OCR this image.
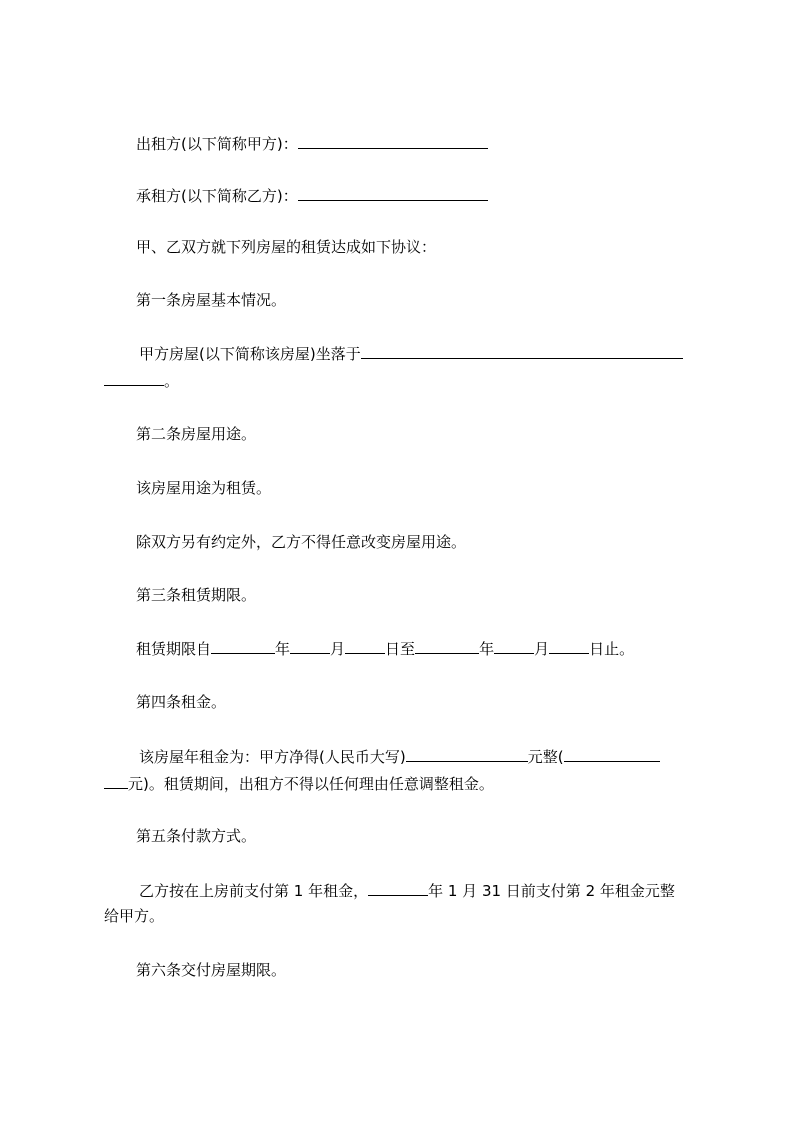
出租方(以下简称甲方)：

承租方(以下简称乙方)：

甲、乙双方就下列房屋的租赁达成如下协议：

第一条房屋基本情况。

甲方房屋(以下简称该房屋)坐落于

。

第二条房屋用途。

该房屋用途为租赁。

除双方另有约定外，乙方不得任意改变房屋用途。

第三条租赁期限。

租赁期限自	年	月	日至	年	月	日止。

第四条租金。

该房屋年租金为：甲方净得(人民币大写)	元整(

元)。租赁期间，出租方不得以任何理由任意调整租金。

第五条付款方式。

乙方按在上房前支付第 1 年租金，	年 1 月 31 日前支付第 2 年租金元整

给甲方。

第六条交付房屋期限。
